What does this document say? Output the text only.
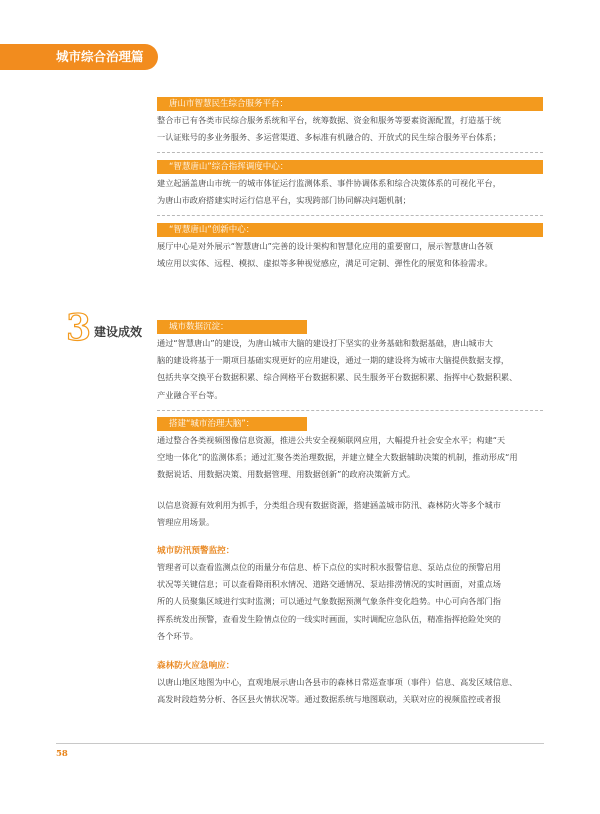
城市综合治理篇
唐山市智慧民生综合服务平台：

整合市已有各类市民综合服务系统和平台，统筹数据、资金和服务等要素资源配置，打造基于统

一认证账号的多业务服务、多运营渠道、多标准有机融合的、开放式的民生综合服务平台体系；

“智慧唐山”综合指挥调度中心：

建立起涵盖唐山市统一的城市体征运行监测体系、事件协调体系和综合决策体系的可视化平台，

为唐山市政府搭建实时运行信息平台，实现跨部门协同解决问题机制；

“智慧唐山”创新中心：

展厅中心是对外展示“智慧唐山”完善的设计架构和智慧化应用的重要窗口，展示智慧唐山各领

域应用以实体、远程、模拟、虚拟等多种视觉感应，满足可定制、弹性化的展览和体验需求。

3 建设成效	城市数据沉淀：

通过“智慧唐山”的建设，为唐山城市大脑的建设打下坚实的业务基础和数据基础，唐山城市大

脑的建设将基于一期项目基础实现更好的应用建设，通过一期的建设将为城市大脑提供数据支撑，

包括共享交换平台数据积累、综合网格平台数据积累、民生服务平台数据积累、指挥中心数据积累、

产业融合平台等。

搭建“城市治理大脑”：

通过整合各类视频图像信息资源，推进公共安全视频联网应用，大幅提升社会安全水平；构建“天

空地一体化”的监测体系；通过汇聚各类治理数据，并建立健全大数据辅助决策的机制，推动形成“用

数据说话、用数据决策、用数据管理、用数据创新”的政府决策新方式。

以信息资源有效利用为抓手，分类组合现有数据资源，搭建涵盖城市防汛、森林防火等多个城市

管理应用场景。

城市防汛预警监控：

管理者可以查看监测点位的雨量分布信息、桥下点位的实时积水报警信息、泵站点位的预警启用

状况等关键信息；可以查看降雨积水情况、道路交通情况、泵站排涝情况的实时画面，对重点场

所的人员聚集区域进行实时监测；可以通过气象数据预测气象条件变化趋势。中心可向各部门指

挥系统发出预警，查看发生险情点位的一线实时画面，实时调配应急队伍，精准指挥抢险处突的

各个环节。

森林防火应急响应：

以唐山地区地图为中心，直观地展示唐山各县市的森林日常巡查事项（事件）信息、高发区域信息、

高发时段趋势分析、各区县火情状况等。通过数据系统与地图联动，关联对应的视频监控或者报

58
